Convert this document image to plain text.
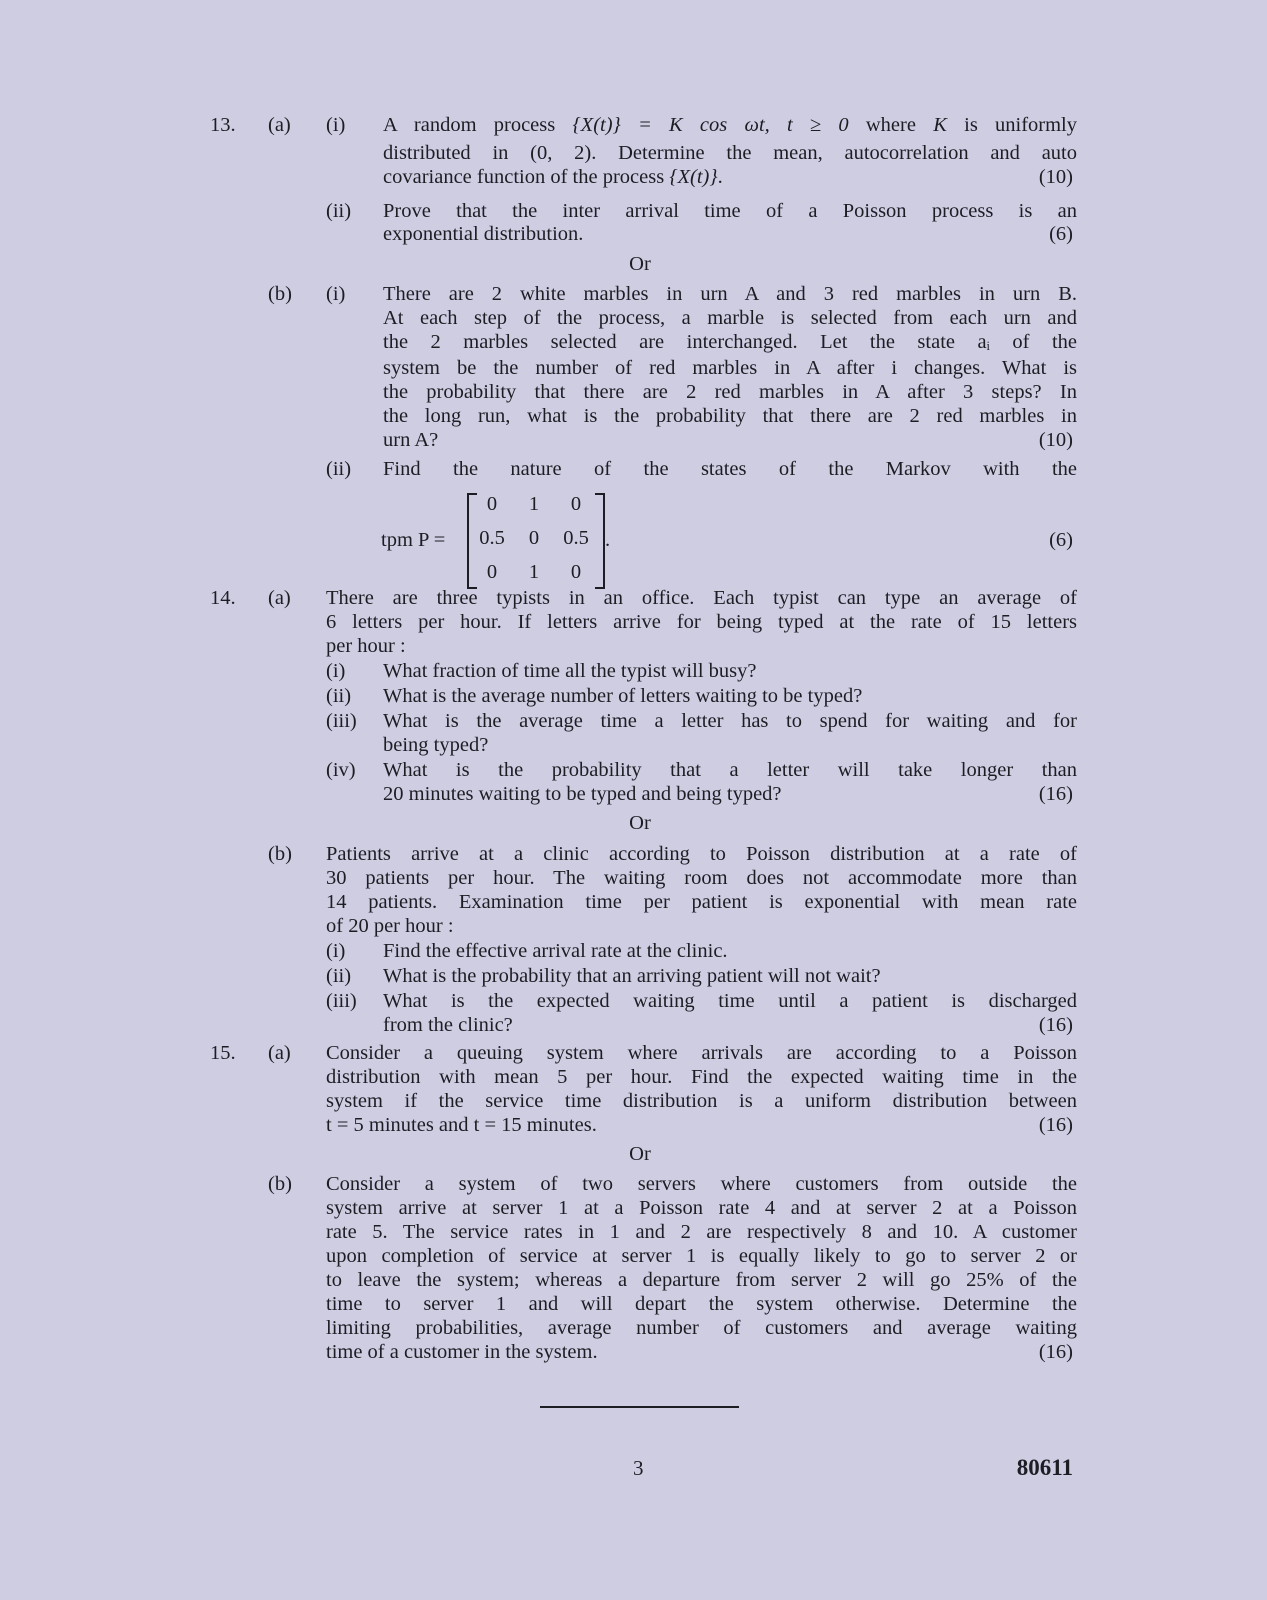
13. (a) (i) A random process {X(t)} = K cos ωt, t ≥ 0 where K is uniformly
distributed in (0, 2). Determine the mean, autocorrelation and auto
covariance function of the process {X(t)}.	(10)
(ii) Prove that the inter arrival time of a Poisson process is an
exponential distribution.	(6)
Or
(b) (i) There are 2 white marbles in urn A and 3 red marbles in urn B.
At each step of the process, a marble is selected from each urn and
the 2 marbles selected are interchanged. Let the state aᵢ of the
system be the number of red marbles in A after i changes. What is
the probability that there are 2 red marbles in A after 3 steps? In
the long run, what is the probability that there are 2 red marbles in
urn A?	(10)
(ii) Find the nature of the states of the Markov with the
tpm P =
0	1	0
0.5	0	0.5
0	1	0
.	(6)
14. (a) There are three typists in an office. Each typist can type an average of
6 letters per hour. If letters arrive for being typed at the rate of 15 letters
per hour :
(i) What fraction of time all the typist will busy?
(ii) What is the average number of letters waiting to be typed?
(iii) What is the average time a letter has to spend for waiting and for
being typed?
(iv) What is the probability that a letter will take longer than
20 minutes waiting to be typed and being typed?	(16)
Or
(b) Patients arrive at a clinic according to Poisson distribution at a rate of
30 patients per hour. The waiting room does not accommodate more than
14 patients. Examination time per patient is exponential with mean rate
of 20 per hour :
(i) Find the effective arrival rate at the clinic.
(ii) What is the probability that an arriving patient will not wait?
(iii) What is the expected waiting time until a patient is discharged
from the clinic?	(16)
15. (a) Consider a queuing system where arrivals are according to a Poisson
distribution with mean 5 per hour. Find the expected waiting time in the
system if the service time distribution is a uniform distribution between
t = 5 minutes and t = 15 minutes.	(16)
Or
(b) Consider a system of two servers where customers from outside the
system arrive at server 1 at a Poisson rate 4 and at server 2 at a Poisson
rate 5. The service rates in 1 and 2 are respectively 8 and 10. A customer
upon completion of service at server 1 is equally likely to go to server 2 or
to leave the system; whereas a departure from server 2 will go 25% of the
time to server 1 and will depart the system otherwise. Determine the
limiting probabilities, average number of customers and average waiting
time of a customer in the system.	(16)
3	80611
